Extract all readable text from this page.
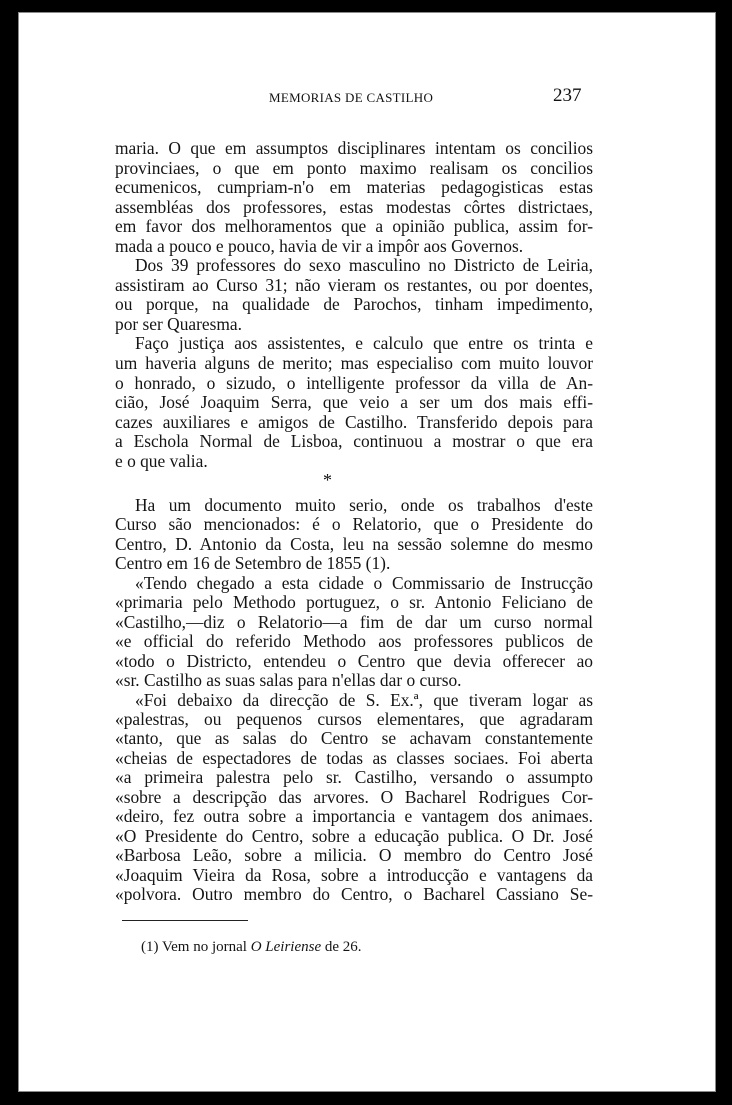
MEMORIAS DE CASTILHO	237
maria. O que em assumptos disciplinares intentam os concilios
provinciaes, o que em ponto maximo realisam os concilios
ecumenicos, cumpriam-n'o em materias pedagogisticas estas
assembléas dos professores, estas modestas côrtes districtaes,
em favor dos melhoramentos que a opinião publica, assim for-
mada a pouco e pouco, havia de vir a impôr aos Governos.
Dos 39 professores do sexo masculino no Districto de Leiria,
assistiram ao Curso 31; não vieram os restantes, ou por doentes,
ou porque, na qualidade de Parochos, tinham impedimento,
por ser Quaresma.
Faço justiça aos assistentes, e calculo que entre os trinta e
um haveria alguns de merito; mas especialiso com muito louvor
o honrado, o sizudo, o intelligente professor da villa de An-
cião, José Joaquim Serra, que veio a ser um dos mais effi-
cazes auxiliares e amigos de Castilho. Transferido depois para
a Eschola Normal de Lisboa, continuou a mostrar o que era
e o que valia.
*
Ha um documento muito serio, onde os trabalhos d'este
Curso são mencionados: é o Relatorio, que o Presidente do
Centro, D. Antonio da Costa, leu na sessão solemne do mesmo
Centro em 16 de Setembro de 1855 (1).
«Tendo chegado a esta cidade o Commissario de Instrucção
«primaria pelo Methodo portuguez, o sr. Antonio Feliciano de
«Castilho,—diz o Relatorio—a fim de dar um curso normal
«e official do referido Methodo aos professores publicos de
«todo o Districto, entendeu o Centro que devia offerecer ao
«sr. Castilho as suas salas para n'ellas dar o curso.
«Foi debaixo da direcção de S. Ex.ª, que tiveram logar as
«palestras, ou pequenos cursos elementares, que agradaram
«tanto, que as salas do Centro se achavam constantemente
«cheias de espectadores de todas as classes sociaes. Foi aberta
«a primeira palestra pelo sr. Castilho, versando o assumpto
«sobre a descripção das arvores. O Bacharel Rodrigues Cor-
«deiro, fez outra sobre a importancia e vantagem dos animaes.
«O Presidente do Centro, sobre a educação publica. O Dr. José
«Barbosa Leão, sobre a milicia. O membro do Centro José
«Joaquim Vieira da Rosa, sobre a introducção e vantagens da
«polvora. Outro membro do Centro, o Bacharel Cassiano Se-
(1) Vem no jornal O Leiriense de 26.
